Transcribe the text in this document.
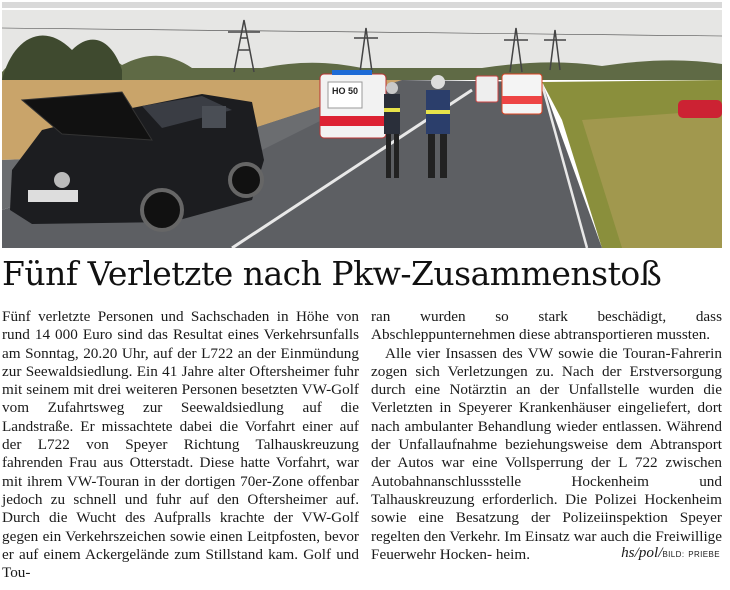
HO 50
Fünf Verletzte nach Pkw-Zusammenstoß

Fünf verletzte Personen und Sachschaden in Höhe von rund 14 000 Euro sind das Resultat eines Verkehrsunfalls am Sonntag, 20.20 Uhr, auf der L722 an der Einmündung zur Seewaldsiedlung. Ein 41 Jahre alter Oftersheimer fuhr mit seinem mit drei weiteren Personen besetzten VW-Golf vom Zufahrtsweg zur Seewaldsiedlung auf die Landstraße. Er missachtete dabei die Vorfahrt einer auf der L722 von Speyer Richtung Talhauskreuzung fahrenden Frau aus Otterstadt. Diese hatte Vorfahrt, war mit ihrem VW-Touran in der dortigen 70er-Zone offenbar jedoch zu schnell und fuhr auf den Oftersheimer auf. Durch die Wucht des Aufpralls krachte der VW-Golf gegen ein Verkehrszeichen sowie einen Leitpfosten, bevor er auf einem Ackergelände zum Stillstand kam. Golf und Tou-

ran wurden so stark beschädigt, dass Abschleppunternehmen diese abtransportieren mussten.

Alle vier Insassen des VW sowie die Touran-Fahrerin zogen sich Verletzungen zu. Nach der Erstversorgung durch eine Notärztin an der Unfallstelle wurden die Verletzten in Speyerer Krankenhäuser eingeliefert, dort nach ambulanter Behandlung wieder entlassen. Während der Unfallaufnahme beziehungsweise dem Abtransport der Autos war eine Vollsperrung der L 722 zwischen Autobahnanschlussstelle Hockenheim und Talhauskreuzung erforderlich. Die Polizei Hockenheim sowie eine Besatzung der Polizeiinspektion Speyer regelten den Verkehr. Im Einsatz war auch die Freiwillige Feuerwehr Hocken- heim.	hs/pol/BILD: PRIEBE
